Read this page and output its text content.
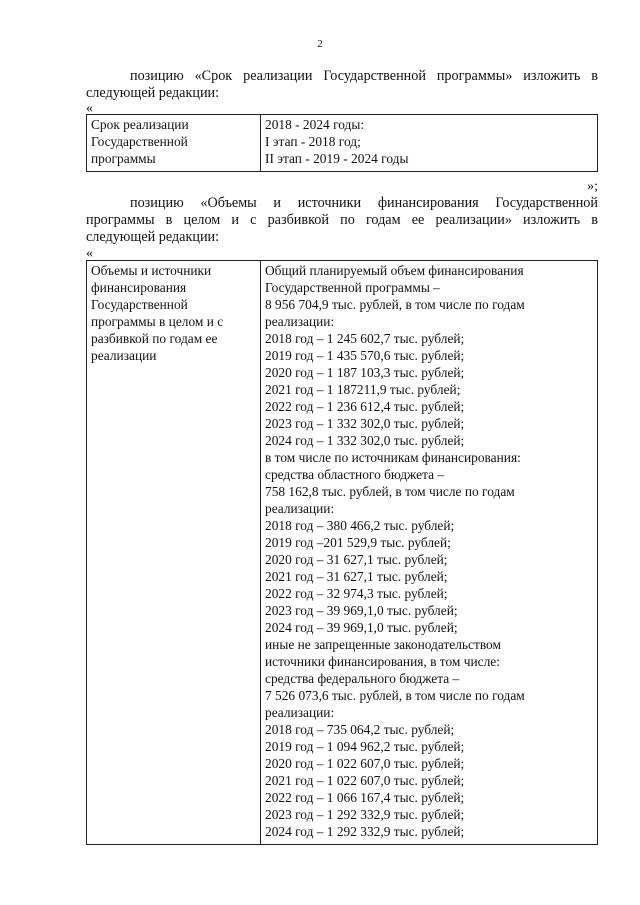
2
позицию «Срок реализации Государственной программы» изложить в
следующей редакции:
«
Срок реализации
Государственной
программы

2018 - 2024 годы:
I этап - 2018 год;
II этап - 2019 - 2024 годы
»;
позицию «Объемы и источники финансирования Государственной
программы в целом и с разбивкой по годам ее реализации» изложить в
следующей редакции:
«
Объемы и источники
финансирования
Государственной
программы в целом и с
разбивкой по годам ее
реализации

Общий планируемый объем финансирования
Государственной программы –
8 956 704,9 тыс. рублей, в том числе по годам
реализации:
2018 год – 1 245 602,7 тыс. рублей;
2019 год – 1 435 570,6 тыс. рублей;
2020 год – 1 187 103,3 тыс. рублей;
2021 год – 1 187211,9 тыс. рублей;
2022 год – 1 236 612,4 тыс. рублей;
2023 год – 1 332 302,0 тыс. рублей;
2024 год – 1 332 302,0 тыс. рублей;
в том числе по источникам финансирования:
средства областного бюджета –
758 162,8 тыс. рублей, в том числе по годам
реализации:
2018 год – 380 466,2 тыс. рублей;
2019 год –201 529,9 тыс. рублей;
2020 год – 31 627,1 тыс. рублей;
2021 год – 31 627,1 тыс. рублей;
2022 год – 32 974,3 тыс. рублей;
2023 год – 39 969,1,0 тыс. рублей;
2024 год – 39 969,1,0 тыс. рублей;
иные не запрещенные законодательством
источники финансирования, в том числе:
средства федерального бюджета –
7 526 073,6 тыс. рублей, в том числе по годам
реализации:
2018 год – 735 064,2 тыс. рублей;
2019 год – 1 094 962,2 тыс. рублей;
2020 год – 1 022 607,0 тыс. рублей;
2021 год – 1 022 607,0 тыс. рублей;
2022 год – 1 066 167,4 тыс. рублей;
2023 год – 1 292 332,9 тыс. рублей;
2024 год – 1 292 332,9 тыс. рублей;
